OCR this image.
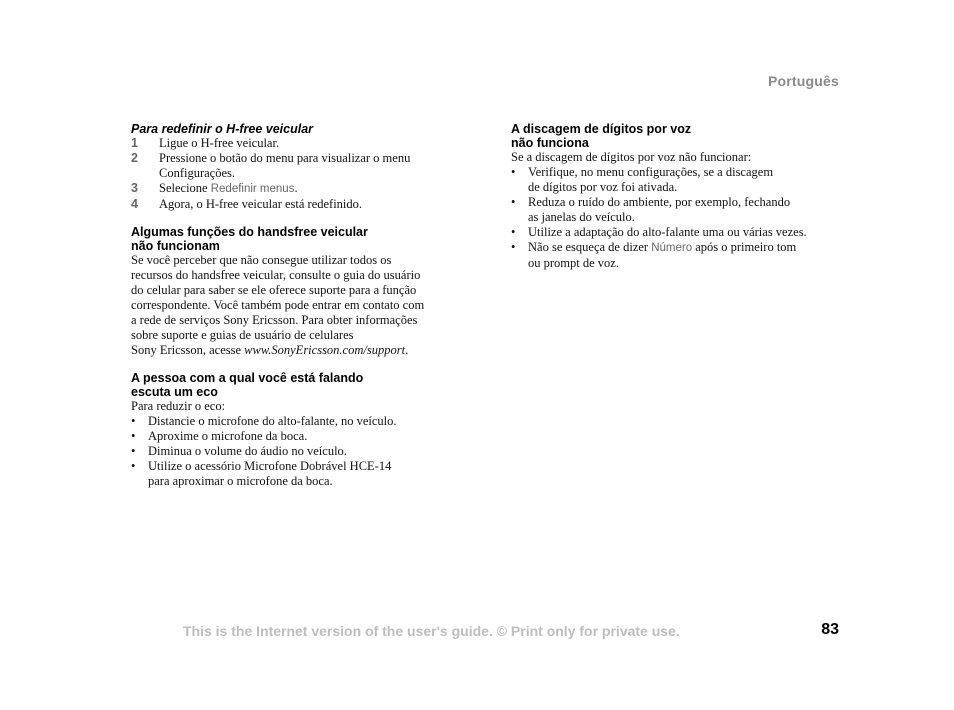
Português

Para redefinir o H-free veicular

1	Ligue o H-free veicular.
2	Pressione o botão do menu para visualizar o menu
Configurações.
3	Selecione Redefinir menus.
4	Agora, o H-free veicular está redefinido.

Algumas funções do handsfree veicular
não funcionam

Se você perceber que não consegue utilizar todos os
recursos do handsfree veicular, consulte o guia do usuário
do celular para saber se ele oferece suporte para a função
correspondente. Você também pode entrar em contato com
a rede de serviços Sony Ericsson. Para obter informações
sobre suporte e guias de usuário de celulares
Sony Ericsson, acesse www.SonyEricsson.com/support.

A pessoa com a qual você está falando
escuta um eco

Para reduzir o eco:

•	Distancie o microfone do alto-falante, no veículo.
•	Aproxime o microfone da boca.
•	Diminua o volume do áudio no veículo.
•	Utilize o acessório Microfone Dobrável HCE-14
para aproximar o microfone da boca.

A discagem de dígitos por voz
não funciona

Se a discagem de dígitos por voz não funcionar:

•	Verifique, no menu configurações, se a discagem
de dígitos por voz foi ativada.
•	Reduza o ruído do ambiente, por exemplo, fechando
as janelas do veículo.
•	Utilize a adaptação do alto-falante uma ou várias vezes.
•	Não se esqueça de dizer Número após o primeiro tom
ou prompt de voz.
This is the Internet version of the user's guide. © Print only for private use.	83
